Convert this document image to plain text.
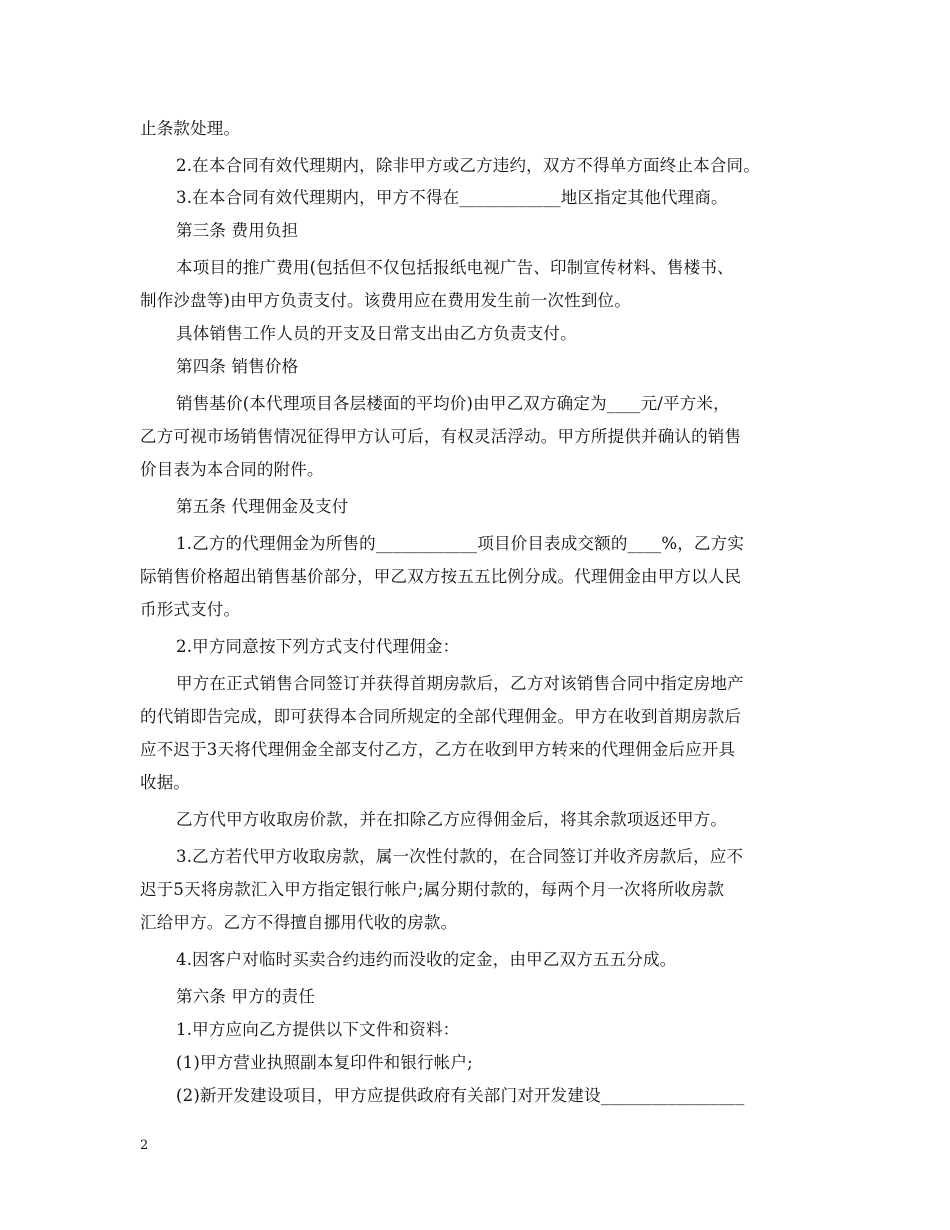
止条款处理。
2.在本合同有效代理期内，除非甲方或乙方违约，双方不得单方面终止本合同。
3.在本合同有效代理期内，甲方不得在____________地区指定其他代理商。
第三条 费用负担
本项目的推广费用(包括但不仅包括报纸电视广告、印制宣传材料、售楼书、
制作沙盘等)由甲方负责支付。该费用应在费用发生前一次性到位。
具体销售工作人员的开支及日常支出由乙方负责支付。
第四条 销售价格
销售基价(本代理项目各层楼面的平均价)由甲乙双方确定为____元/平方米，
乙方可视市场销售情况征得甲方认可后，有权灵活浮动。甲方所提供并确认的销售
价目表为本合同的附件。
第五条 代理佣金及支付
1.乙方的代理佣金为所售的____________项目价目表成交额的____%，乙方实
际销售价格超出销售基价部分，甲乙双方按五五比例分成。代理佣金由甲方以人民
币形式支付。
2.甲方同意按下列方式支付代理佣金：
甲方在正式销售合同签订并获得首期房款后，乙方对该销售合同中指定房地产
的代销即告完成，即可获得本合同所规定的全部代理佣金。甲方在收到首期房款后
应不迟于3天将代理佣金全部支付乙方，乙方在收到甲方转来的代理佣金后应开具
收据。
乙方代甲方收取房价款，并在扣除乙方应得佣金后，将其余款项返还甲方。
3.乙方若代甲方收取房款，属一次性付款的，在合同签订并收齐房款后，应不
迟于5天将房款汇入甲方指定银行帐户;属分期付款的，每两个月一次将所收房款
汇给甲方。乙方不得擅自挪用代收的房款。
4.因客户对临时买卖合约违约而没收的定金，由甲乙双方五五分成。
第六条 甲方的责任
1.甲方应向乙方提供以下文件和资料：
(1)甲方营业执照副本复印件和银行帐户;
(2)新开发建设项目，甲方应提供政府有关部门对开发建设_________________
2
